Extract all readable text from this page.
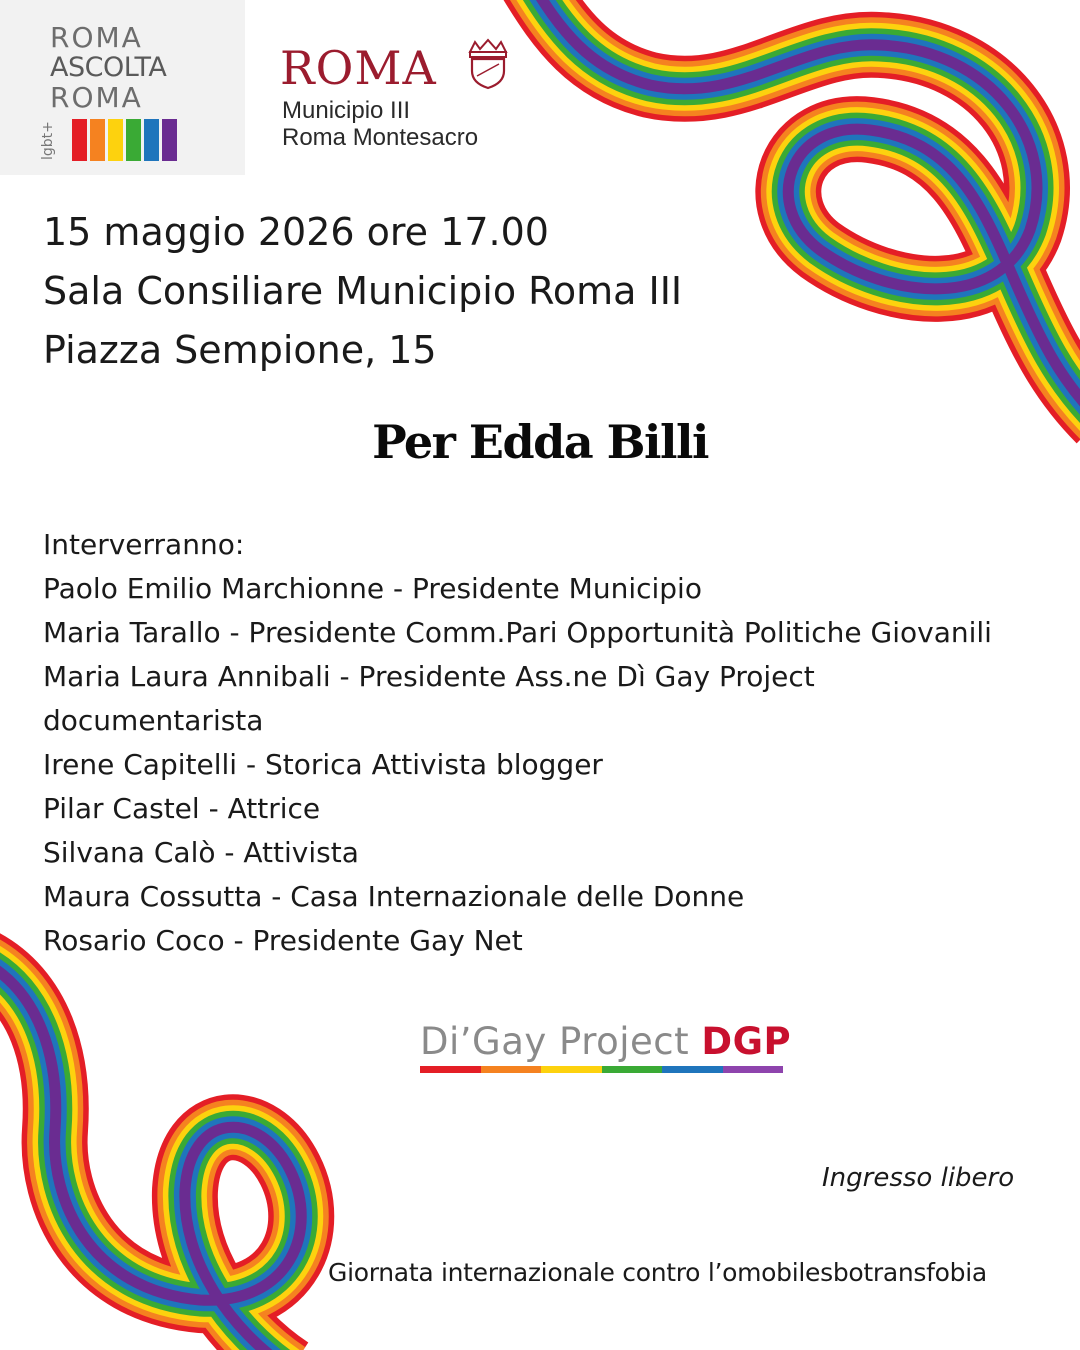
ROMA
ASCOLTA
ROMA
lgbt+
ROMA
Municipio III
Roma Montesacro
15 maggio 2026 ore 17.00
Sala Consiliare Municipio Roma III
Piazza Sempione, 15
Per Edda Billi
Interverranno:
Paolo Emilio Marchionne - Presidente Municipio
Maria Tarallo - Presidente Comm.Pari Opportunità Politiche Giovanili
Maria Laura Annibali - Presidente Ass.ne Dì Gay Project
documentarista
Irene Capitelli - Storica Attivista blogger
Pilar Castel - Attrice
Silvana Calò - Attivista
Maura Cossutta - Casa Internazionale delle Donne
Rosario Coco - Presidente Gay Net
Di’Gay Project DGP
Ingresso libero
Giornata internazionale contro l’omobilesbotransfobia
